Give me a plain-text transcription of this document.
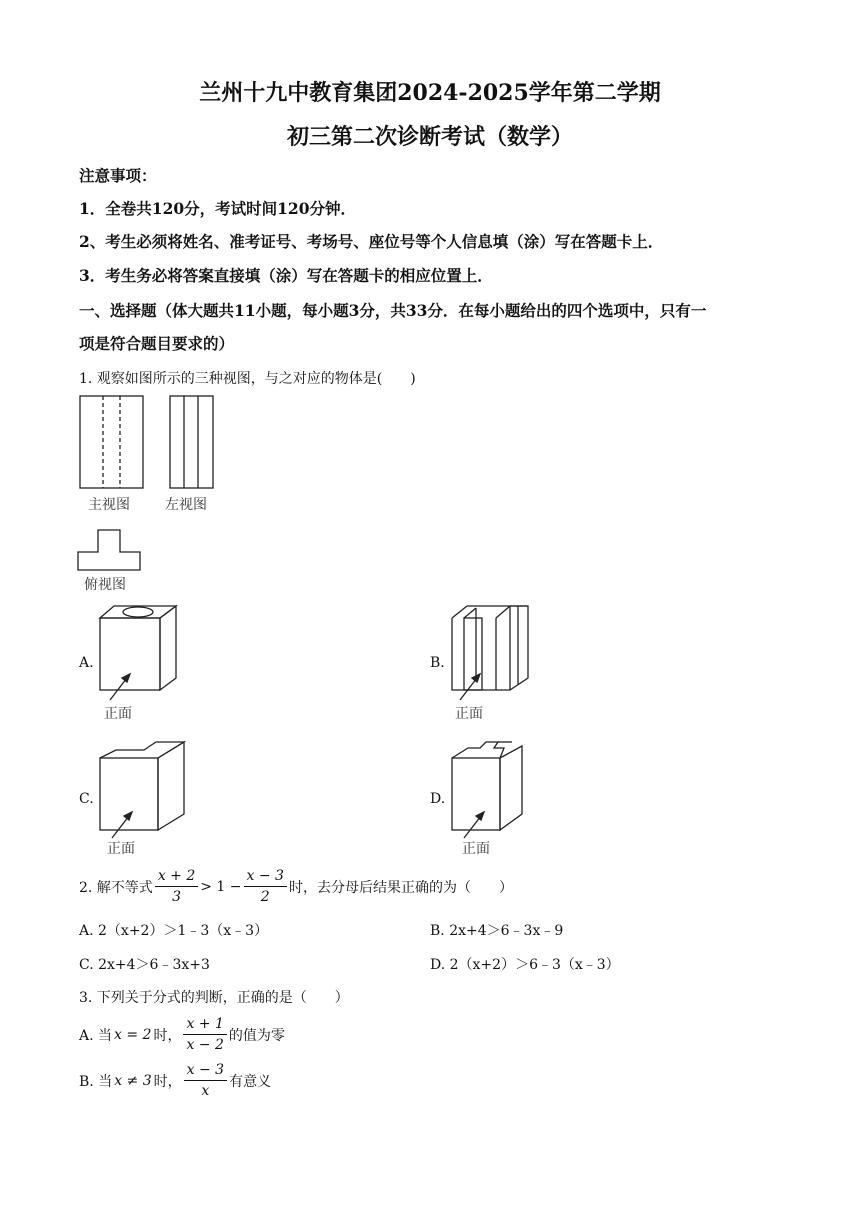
兰州十九中教育集团2024-2025学年第二学期
初三第二次诊断考试（数学）
注意事项：
1．全卷共120分，考试时间120分钟．
2、考生必须将姓名、准考证号、考场号、座位号等个人信息填（涂）写在答题卡上．
3．考生务必将答案直接填（涂）写在答题卡的相应位置上．
一、选择题（体大题共11小题，每小题3分，共33分．在每小题给出的四个选项中，只有一
项是符合题目要求的）
1. 观察如图所示的三种视图，与之对应的物体是(　　)
主视图	左视图
俯视图
A.
正面
B.
正面
C.
正面
D.
正面
2. 解不等式 $\frac{x + 2}{3} > 1 - \frac{x - 3}{2}$ 时，去分母后结果正确的为（　　）
A. 2（x+2）＞1﹣3（x﹣3）	B. 2x+4＞6﹣3x﹣9
C. 2x+4＞6﹣3x+3	D. 2（x+2）＞6﹣3（x﹣3）
3. 下列关于分式的判断，正确的是（　　）
A. 当 x = 2 时， $\frac{x + 1}{x - 2}$ 的值为零
B. 当 x ≠ 3 时， $\frac{x - 3}{x}$ 有意义
